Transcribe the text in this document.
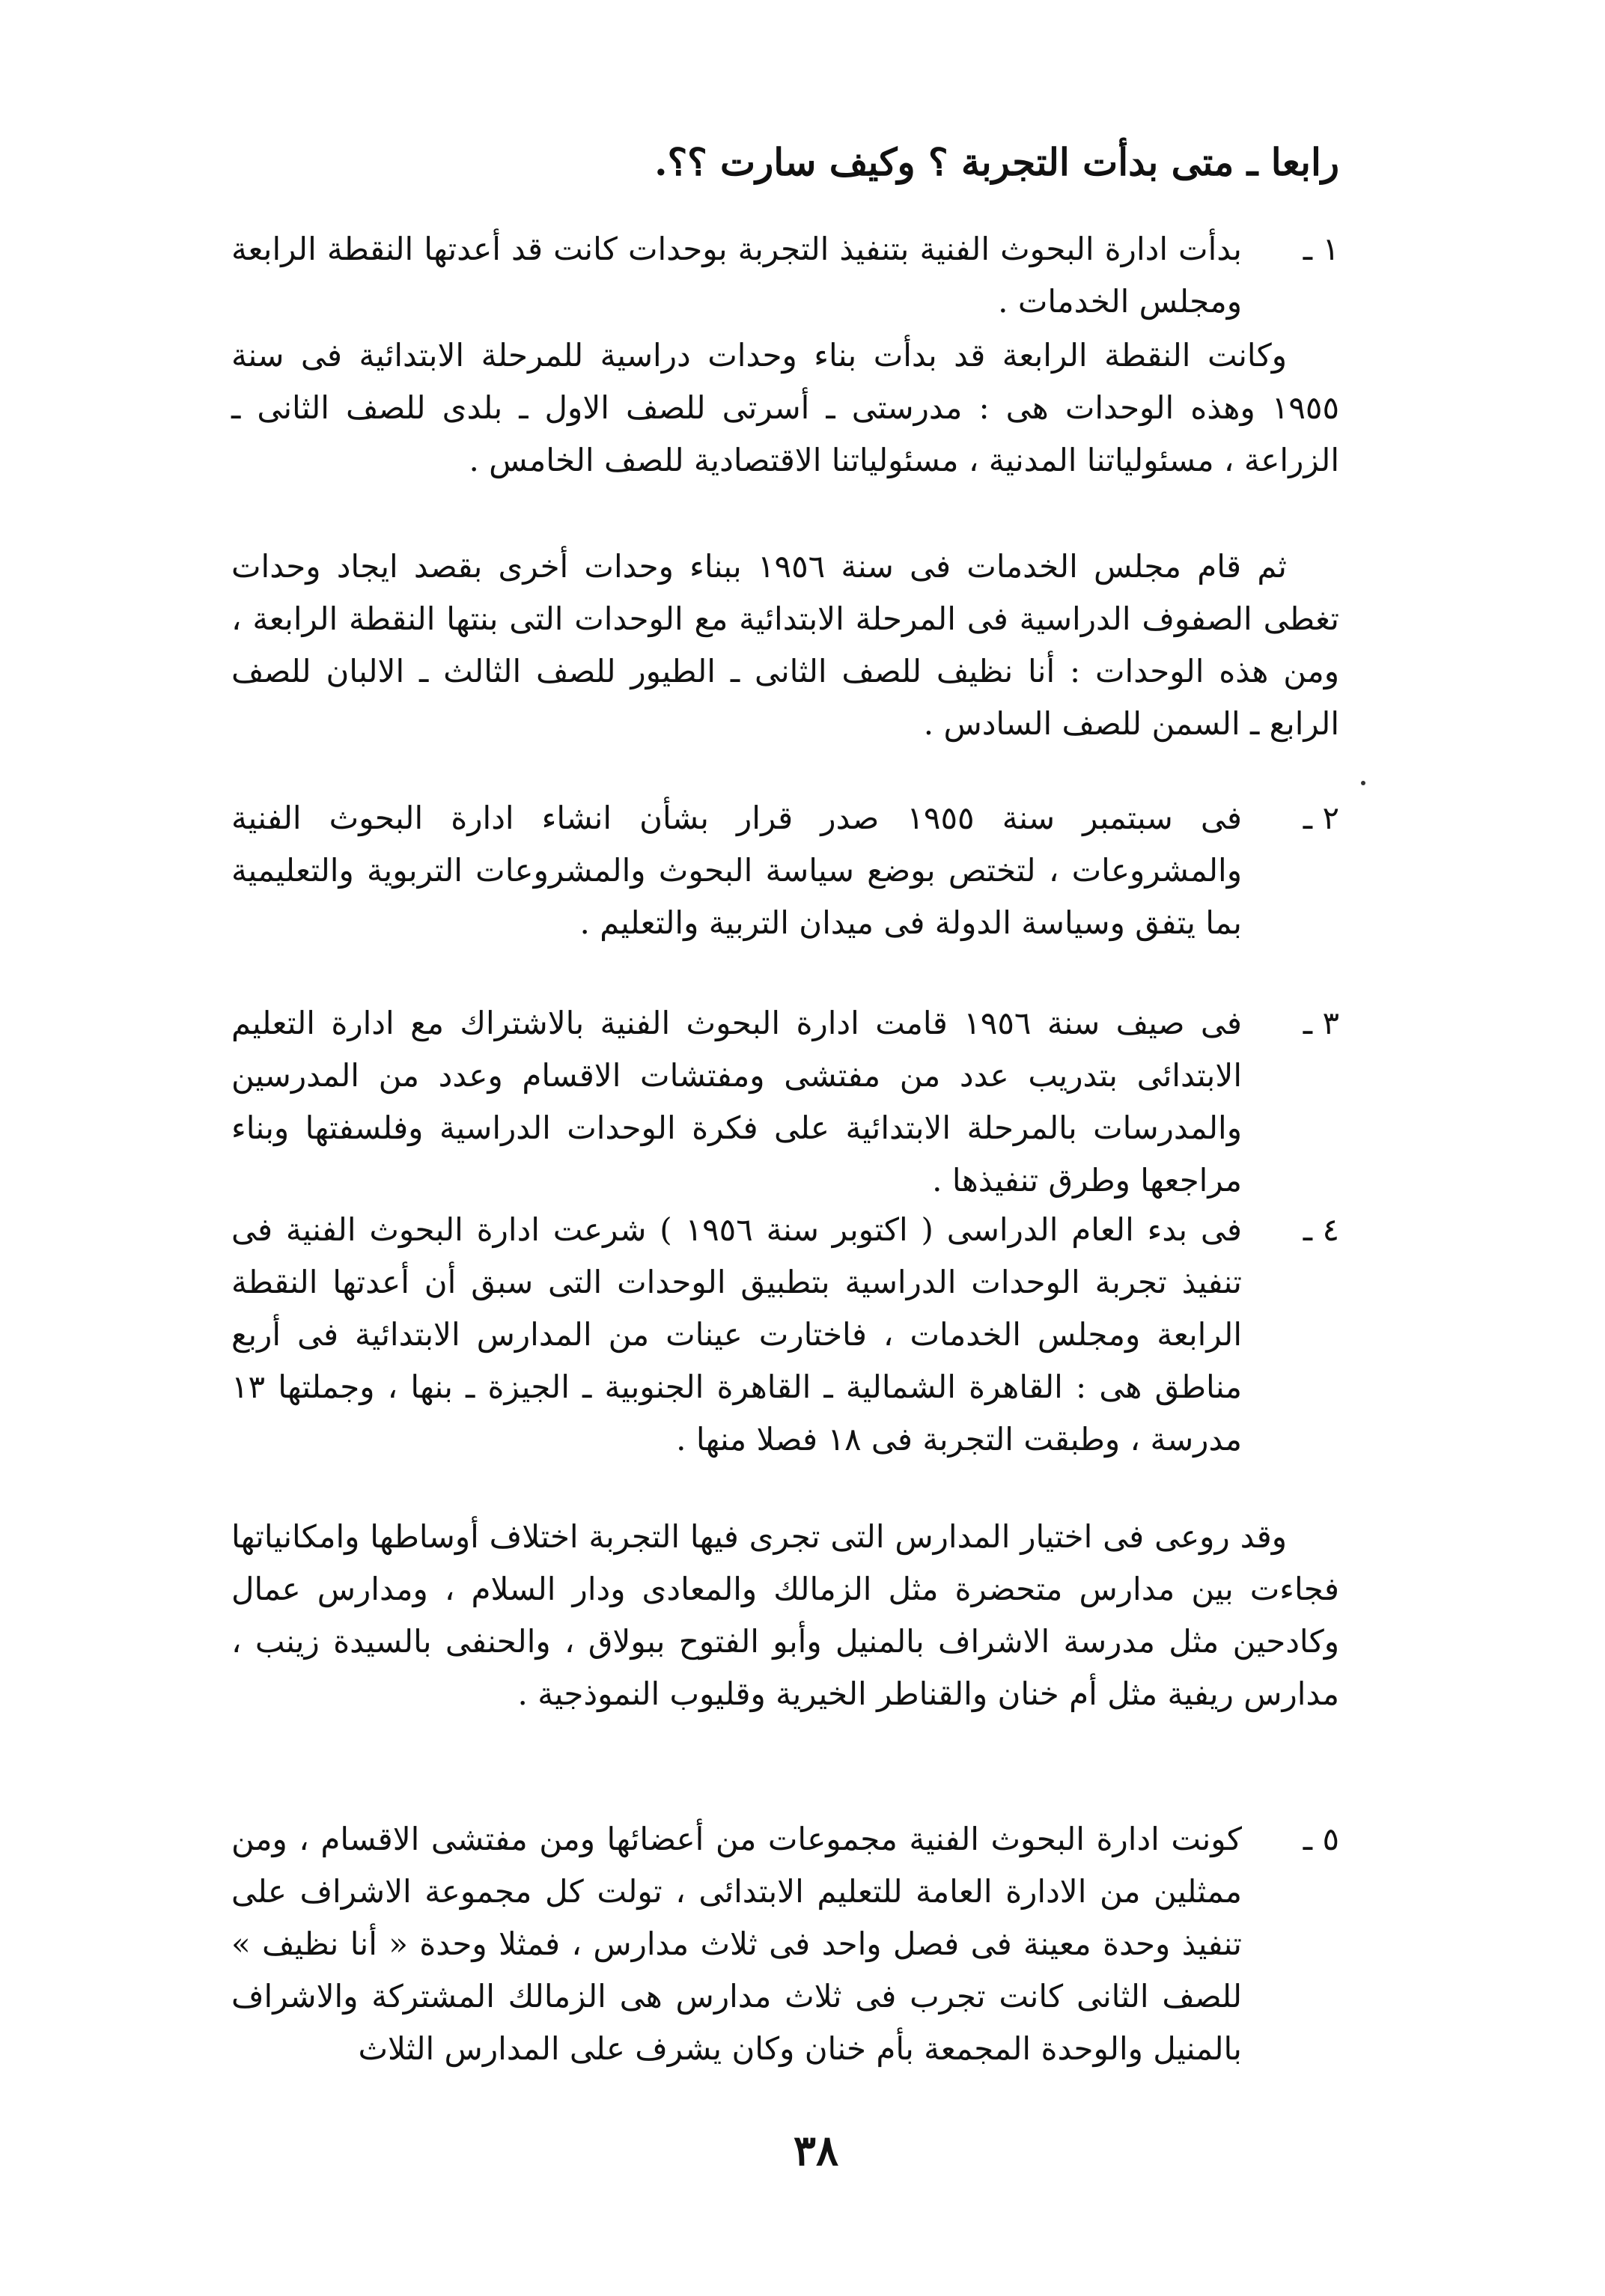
رابعا ـ متى بدأت التجربة ؟ وكيف سارت ؟؟.
١ ـ
بدأت ادارة البحوث الفنية بتنفيذ التجربة بوحدات كانت قد أعدتها النقطة الرابعة ومجلس الخدمات .
وكانت النقطة الرابعة قد بدأت بناء وحدات دراسية للمرحلة الابتدائية فى سنة ١٩٥٥ وهذه الوحدات هى : مدرستى ـ أسرتى للصف الاول ـ بلدى للصف الثانى ـ الزراعة ، مسئولياتنا المدنية ، مسئولياتنا الاقتصادية للصف الخامس .
ثم قام مجلس الخدمات فى سنة ١٩٥٦ ببناء وحدات أخرى بقصد ايجاد وحدات تغطى الصفوف الدراسية فى المرحلة الابتدائية مع الوحدات التى بنتها النقطة الرابعة ، ومن هذه الوحدات : أنا نظيف للصف الثانى ـ الطيور للصف الثالث ـ الالبان للصف الرابع ـ السمن للصف السادس .
٢ ـ
فى سبتمبر سنة ١٩٥٥ صدر قرار بشأن انشاء ادارة البحوث الفنية والمشروعات ، لتختص بوضع سياسة البحوث والمشروعات التربوية والتعليمية بما يتفق وسياسة الدولة فى ميدان التربية والتعليم .
٣ ـ
فى صيف سنة ١٩٥٦ قامت ادارة البحوث الفنية بالاشتراك مع ادارة التعليم الابتدائى بتدريب عدد من مفتشى ومفتشات الاقسام وعدد من المدرسين والمدرسات بالمرحلة الابتدائية على فكرة الوحدات الدراسية وفلسفتها وبناء مراجعها وطرق تنفيذها .
٤ ـ
فى بدء العام الدراسى ( اكتوبر سنة ١٩٥٦ ) شرعت ادارة البحوث الفنية فى تنفيذ تجربة الوحدات الدراسية بتطبيق الوحدات التى سبق أن أعدتها النقطة الرابعة ومجلس الخدمات ، فاختارت عينات من المدارس الابتدائية فى أربع مناطق هى : القاهرة الشمالية ـ القاهرة الجنوبية ـ الجيزة ـ بنها ، وجملتها ١٣ مدرسة ، وطبقت التجربة فى ١٨ فصلا منها .
وقد روعى فى اختيار المدارس التى تجرى فيها التجربة اختلاف أوساطها وامكانياتها فجاءت بين مدارس متحضرة مثل الزمالك والمعادى ودار السلام ، ومدارس عمال وكادحين مثل مدرسة الاشراف بالمنيل وأبو الفتوح ببولاق ، والحنفى بالسيدة زينب ، مدارس ريفية مثل أم خنان والقناطر الخيرية وقليوب النموذجية .
٥ ـ
كونت ادارة البحوث الفنية مجموعات من أعضائها ومن مفتشى الاقسام ، ومن ممثلين من الادارة العامة للتعليم الابتدائى ، تولت كل مجموعة الاشراف على تنفيذ وحدة معينة فى فصل واحد فى ثلاث مدارس ، فمثلا وحدة « أنا نظيف » للصف الثانى كانت تجرب فى ثلاث مدارس هى الزمالك المشتركة والاشراف بالمنيل والوحدة المجمعة بأم خنان وكان يشرف على المدارس الثلاث
٣٨
